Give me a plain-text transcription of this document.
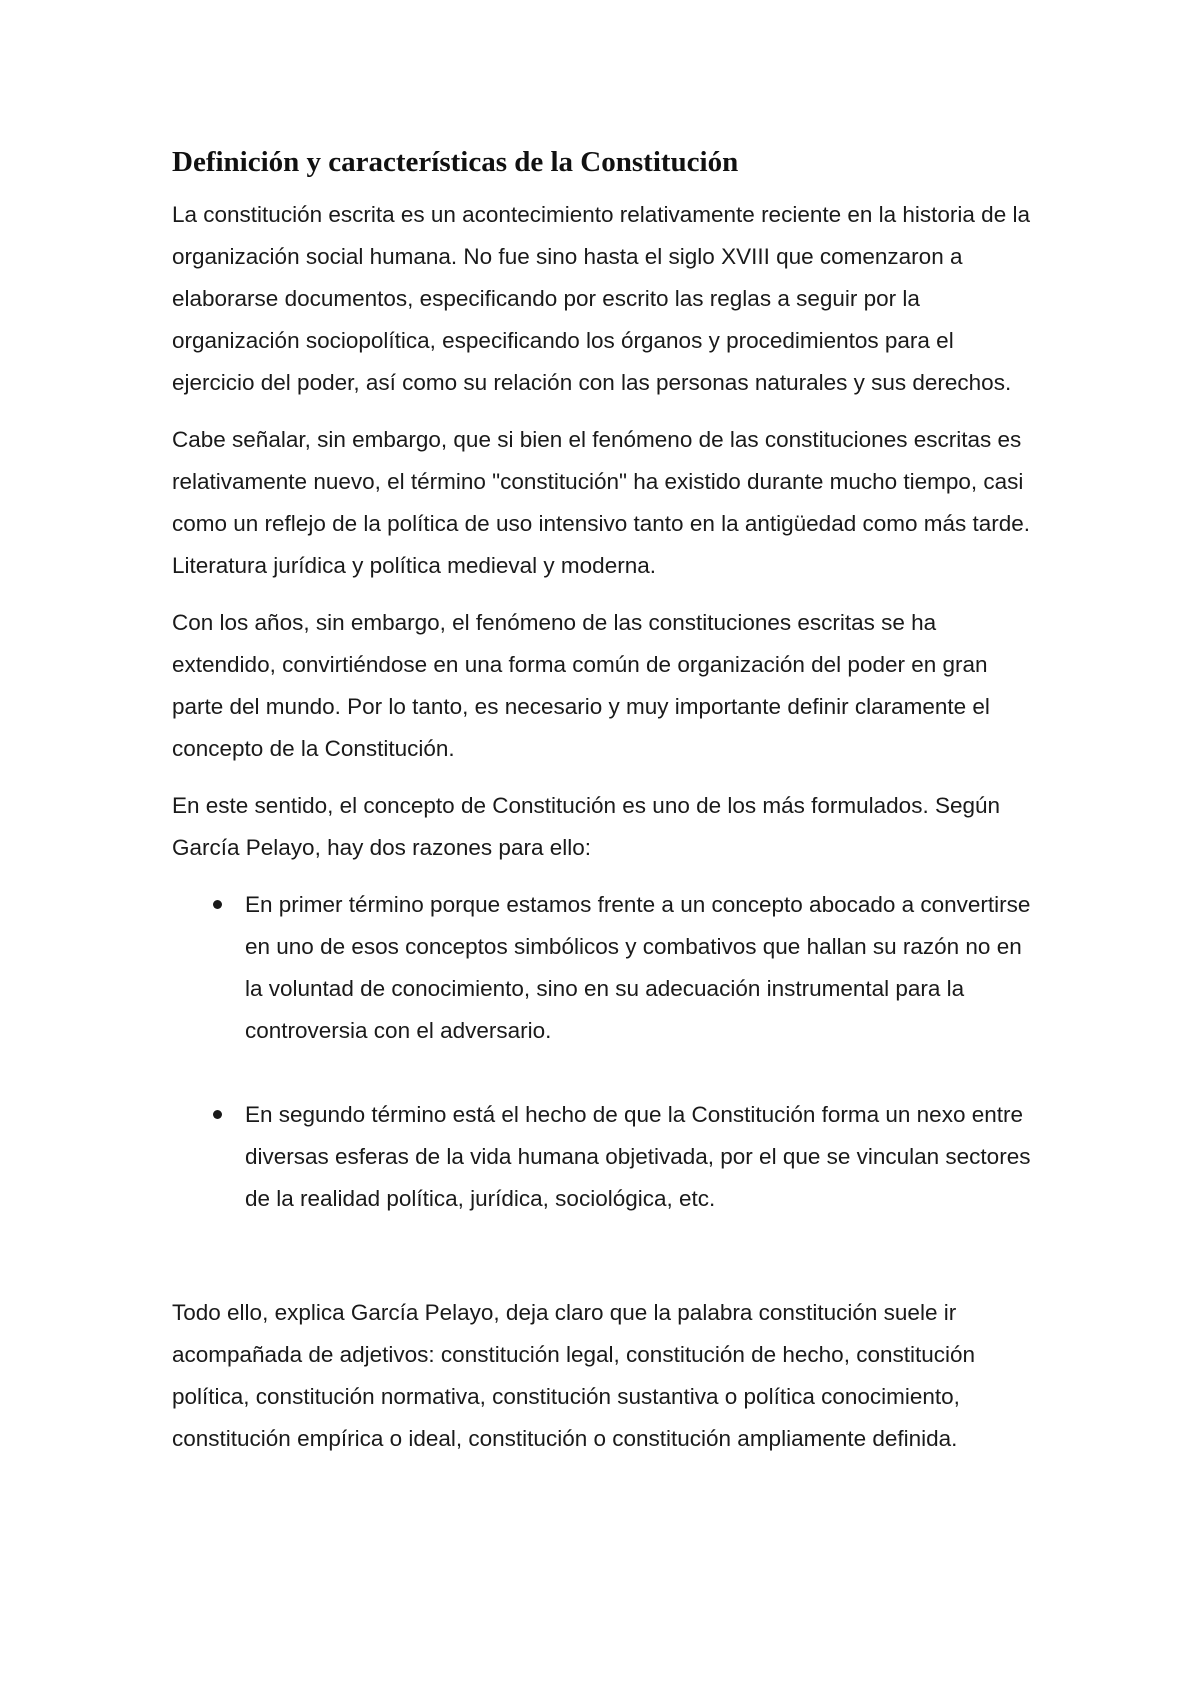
Definición y características de la Constitución

La constitución escrita es un acontecimiento relativamente reciente en la historia de la organización social humana. No fue sino hasta el siglo XVIII que comenzaron a elaborarse documentos, especificando por escrito las reglas a seguir por la organización sociopolítica, especificando los órganos y procedimientos para el ejercicio del poder, así como su relación con las personas naturales y sus derechos.

Cabe señalar, sin embargo, que si bien el fenómeno de las constituciones escritas es relativamente nuevo, el término "constitución" ha existido durante mucho tiempo, casi como un reflejo de la política de uso intensivo tanto en la antigüedad como más tarde. Literatura jurídica y política medieval y moderna.

Con los años, sin embargo, el fenómeno de las constituciones escritas se ha extendido, convirtiéndose en una forma común de organización del poder en gran parte del mundo. Por lo tanto, es necesario y muy importante definir claramente el concepto de la Constitución.

En este sentido, el concepto de Constitución es uno de los más formulados. Según García Pelayo, hay dos razones para ello:

En primer término porque estamos frente a un concepto abocado a convertirse en uno de esos conceptos simbólicos y combativos que hallan su razón no en la voluntad de conocimiento, sino en su adecuación instrumental para la controversia con el adversario.
En segundo término está el hecho de que la Constitución forma un nexo entre diversas esferas de la vida humana objetivada, por el que se vinculan sectores de la realidad política, jurídica, sociológica, etc.

Todo ello, explica García Pelayo, deja claro que la palabra constitución suele ir acompañada de adjetivos: constitución legal, constitución de hecho, constitución política, constitución normativa, constitución sustantiva o política conocimiento, constitución empírica o ideal, constitución o constitución ampliamente definida.
